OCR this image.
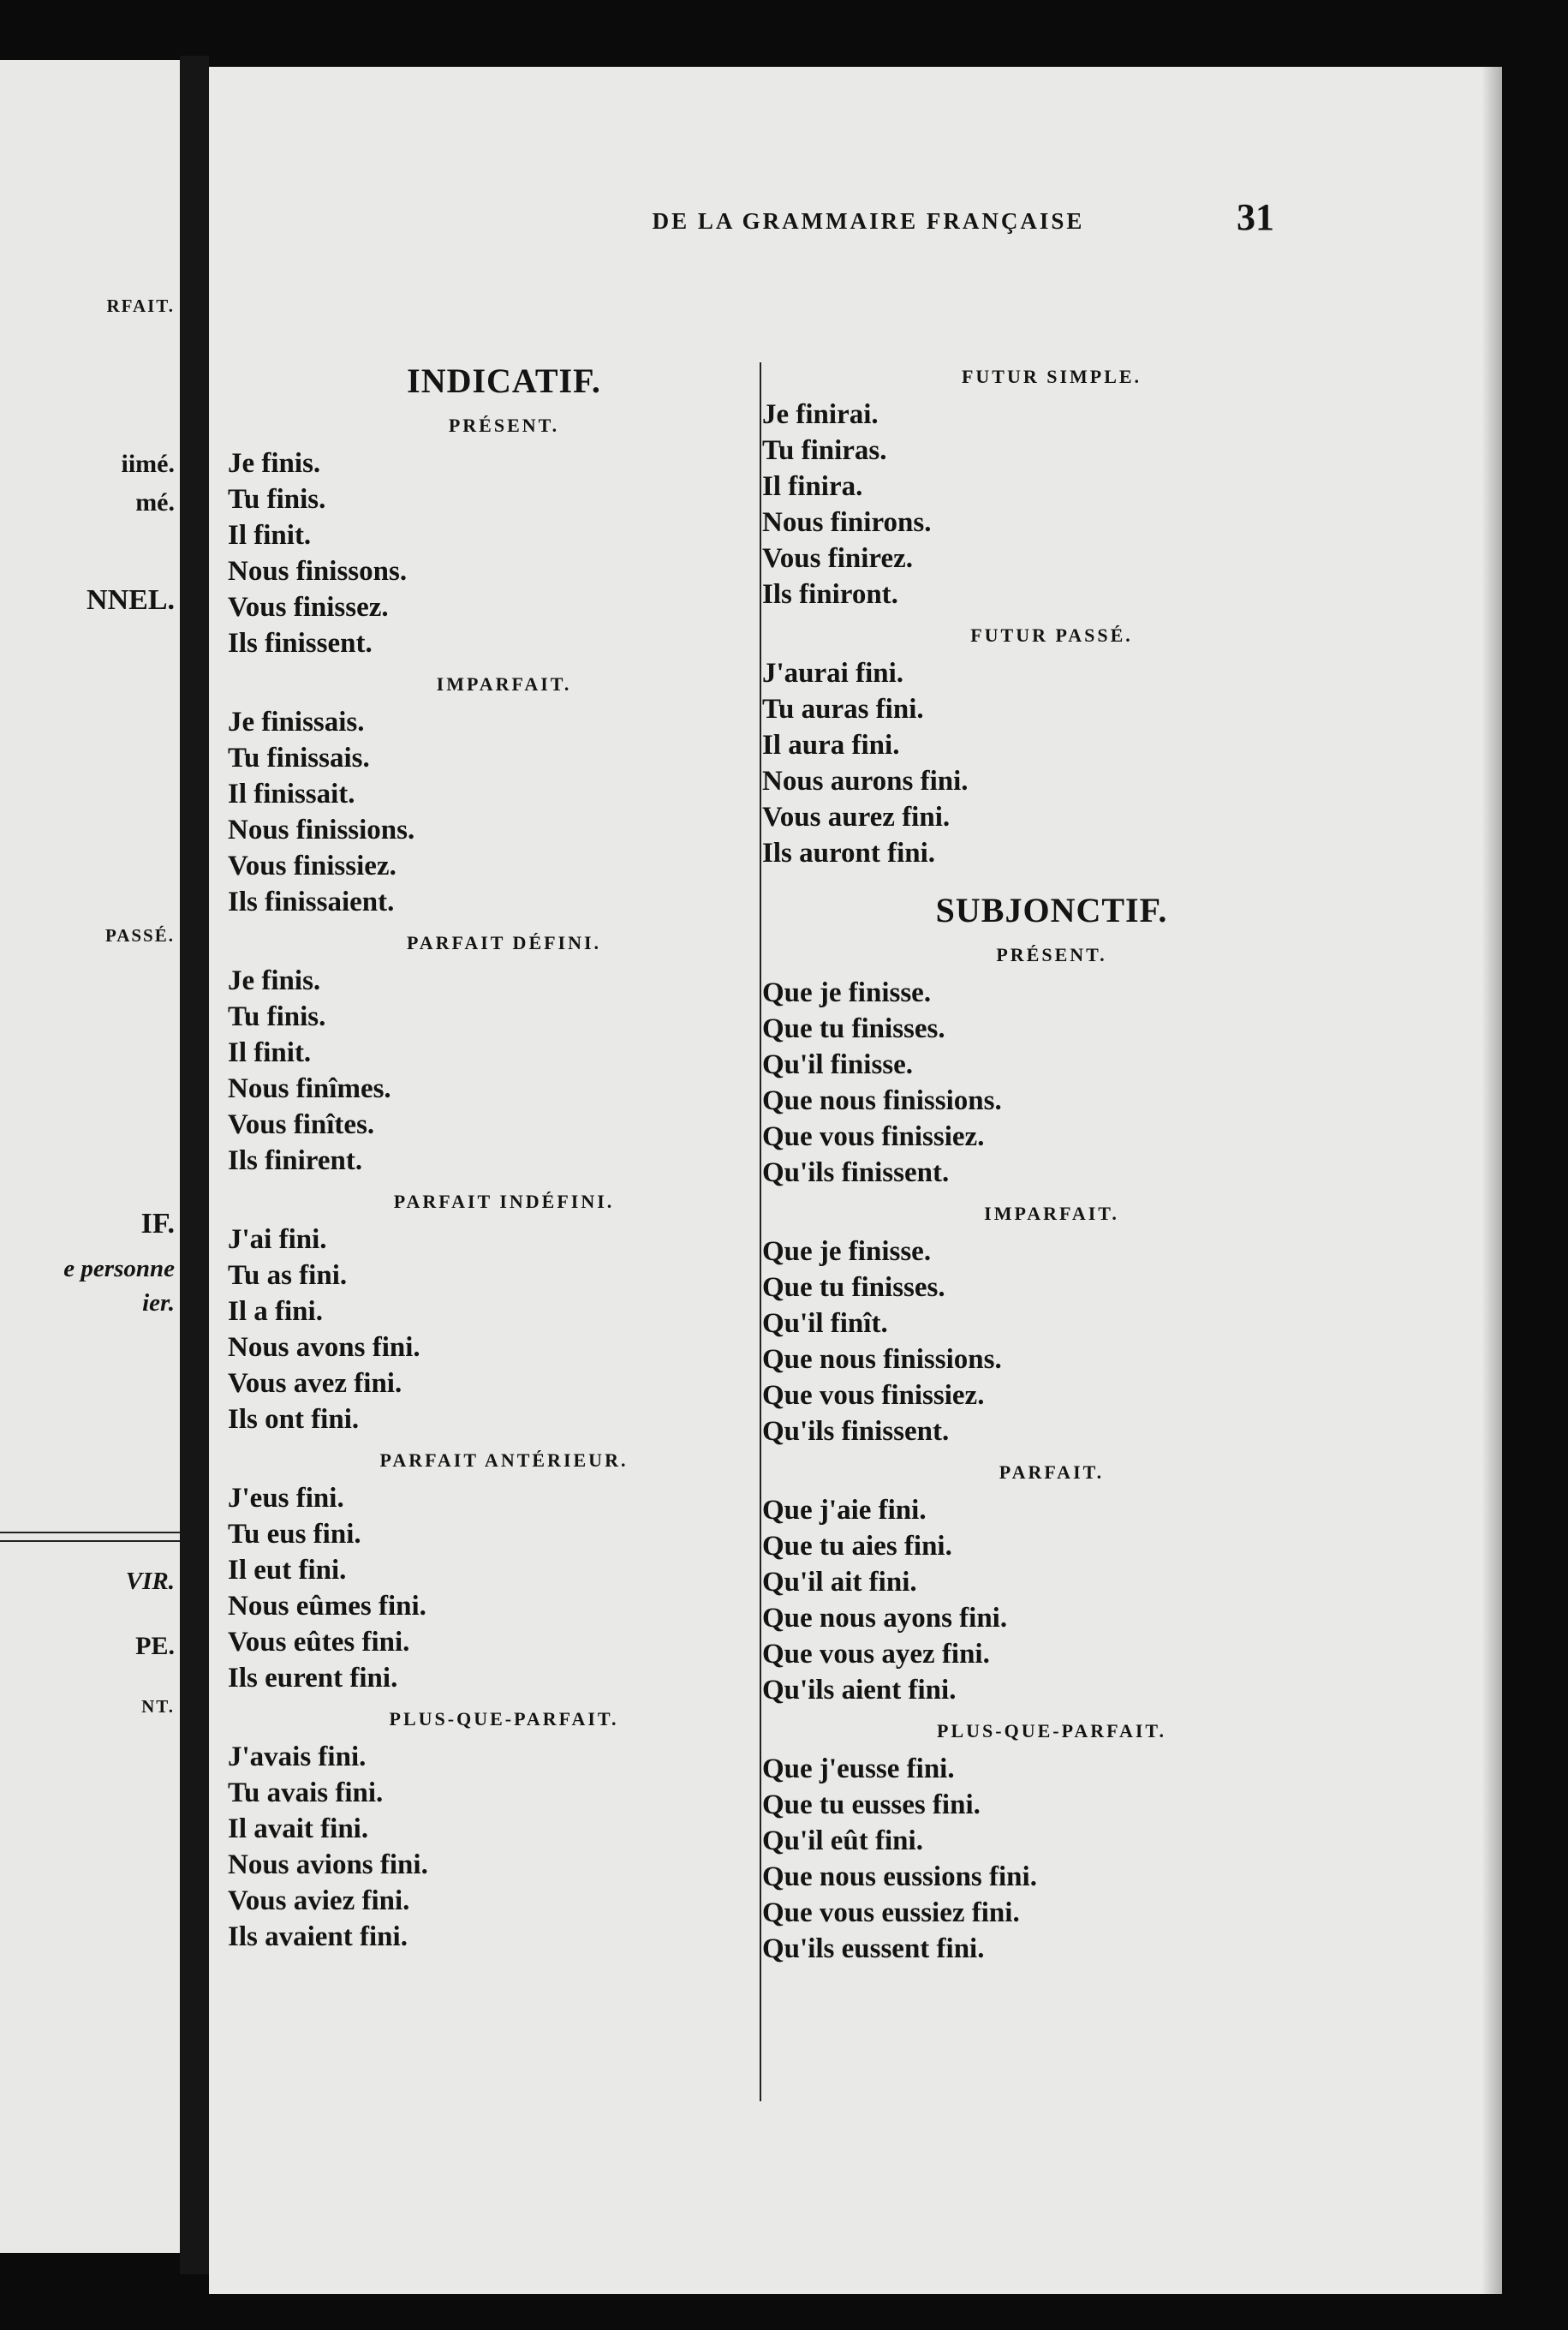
RFAIT.
iimé.
mé.
NNEL.
PASSÉ.
IF.
e personne
ier.
VIR.
PE.
NT.
DE LA GRAMMAIRE FRANÇAISE	31
INDICATIF.
PRÉSENT.
Je finis.
Tu finis.
Il finit.
Nous finissons.
Vous finissez.
Ils finissent.
IMPARFAIT.
Je finissais.
Tu finissais.
Il finissait.
Nous finissions.
Vous finissiez.
Ils finissaient.
PARFAIT DÉFINI.
Je finis.
Tu finis.
Il finit.
Nous finîmes.
Vous finîtes.
Ils finirent.
PARFAIT INDÉFINI.
J'ai fini.
Tu as fini.
Il a fini.
Nous avons fini.
Vous avez fini.
Ils ont fini.
PARFAIT ANTÉRIEUR.
J'eus fini.
Tu eus fini.
Il eut fini.
Nous eûmes fini.
Vous eûtes fini.
Ils eurent fini.
PLUS-QUE-PARFAIT.
J'avais fini.
Tu avais fini.
Il avait fini.
Nous avions fini.
Vous aviez fini.
Ils avaient fini.
FUTUR SIMPLE.
Je finirai.
Tu finiras.
Il finira.
Nous finirons.
Vous finirez.
Ils finiront.
FUTUR PASSÉ.
J'aurai fini.
Tu auras fini.
Il aura fini.
Nous aurons fini.
Vous aurez fini.
Ils auront fini.
SUBJONCTIF.
PRÉSENT.
Que je finisse.
Que tu finisses.
Qu'il finisse.
Que nous finissions.
Que vous finissiez.
Qu'ils finissent.
IMPARFAIT.
Que je finisse.
Que tu finisses.
Qu'il finît.
Que nous finissions.
Que vous finissiez.
Qu'ils finissent.
PARFAIT.
Que j'aie fini.
Que tu aies fini.
Qu'il ait fini.
Que nous ayons fini.
Que vous ayez fini.
Qu'ils aient fini.
PLUS-QUE-PARFAIT.
Que j'eusse fini.
Que tu eusses fini.
Qu'il eût fini.
Que nous eussions fini.
Que vous eussiez fini.
Qu'ils eussent fini.
